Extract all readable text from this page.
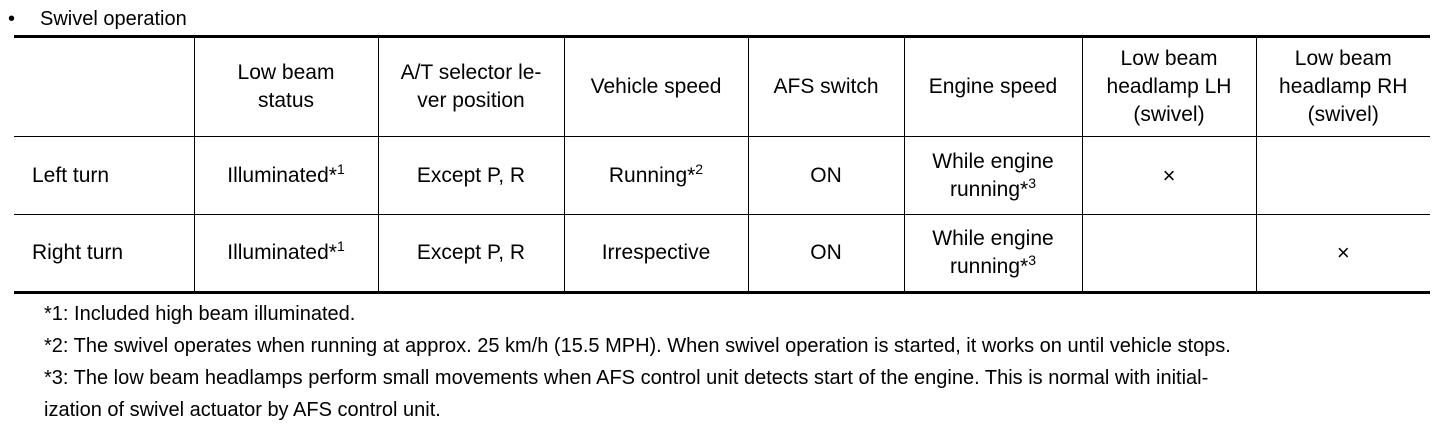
• Swivel operation
	Low beam
status	A/T selector le-
ver position	Vehicle speed	AFS switch	Engine speed	Low beam
headlamp LH
(swivel)	Low beam
headlamp RH
(swivel)
Left turn	Illuminated*$^1$	Except P, R	Running*$^2$	ON	While engine
running*$^3$	×	
Right turn	Illuminated*$^1$	Except P, R	Irrespective	ON	While engine
running*$^3$		×

*1: Included high beam illuminated.

*2: The swivel operates when running at approx. 25 km/h (15.5 MPH). When swivel operation is started, it works on until vehicle stops.

*3: The low beam headlamps perform small movements when AFS control unit detects start of the engine. This is normal with initial-

ization of swivel actuator by AFS control unit.
